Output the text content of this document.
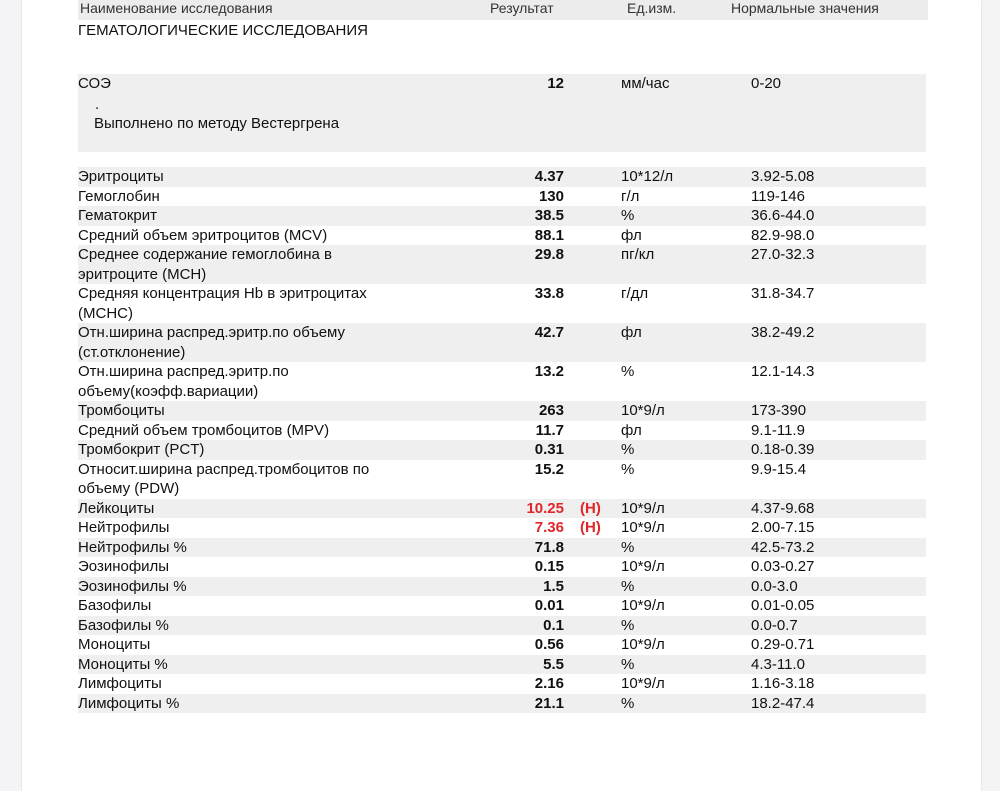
Наименование исследования	Результат	Ед.изм.	Нормальные значения
ГЕМАТОЛОГИЧЕСКИЕ ИССЛЕДОВАНИЯ
СОЭ	12	мм/час	0-20
.
Выполнено по методу Вестергрена
Эритроциты	4.37	10*12/л	3.92-5.08
Гемоглобин	130	г/л	119-146
Гематокрит	38.5	%	36.6-44.0
Средний объем эритроцитов (MCV)	88.1	фл	82.9-98.0
Среднее содержание гемоглобина в
эритроците (MCH)
29.8	пг/кл	27.0-32.3
Средняя концентрация Hb в эритроцитах
(MCHC)
33.8	г/дл	31.8-34.7
Отн.ширина распред.эритр.по объему
(ст.отклонение)
42.7	фл	38.2-49.2
Отн.ширина распред.эритр.по
объему(коэфф.вариации)
13.2	%	12.1-14.3
Тромбоциты	263	10*9/л	173-390
Средний объем тромбоцитов (MPV)	11.7	фл	9.1-11.9
Тромбокрит (PCT)	0.31	%	0.18-0.39
Относит.ширина распред.тромбоцитов по
объему (PDW)
15.2	%	9.9-15.4
Лейкоциты	10.25 (H) 10*9/л	4.37-9.68
Нейтрофилы	7.36 (H) 10*9/л	2.00-7.15
Нейтрофилы %	71.8	%	42.5-73.2
Эозинофилы	0.15	10*9/л	0.03-0.27
Эозинофилы %	1.5	%	0.0-3.0
Базофилы	0.01	10*9/л	0.01-0.05
Базофилы %	0.1	%	0.0-0.7
Моноциты	0.56	10*9/л	0.29-0.71
Моноциты %	5.5	%	4.3-11.0
Лимфоциты	2.16	10*9/л	1.16-3.18
Лимфоциты %	21.1	%	18.2-47.4
